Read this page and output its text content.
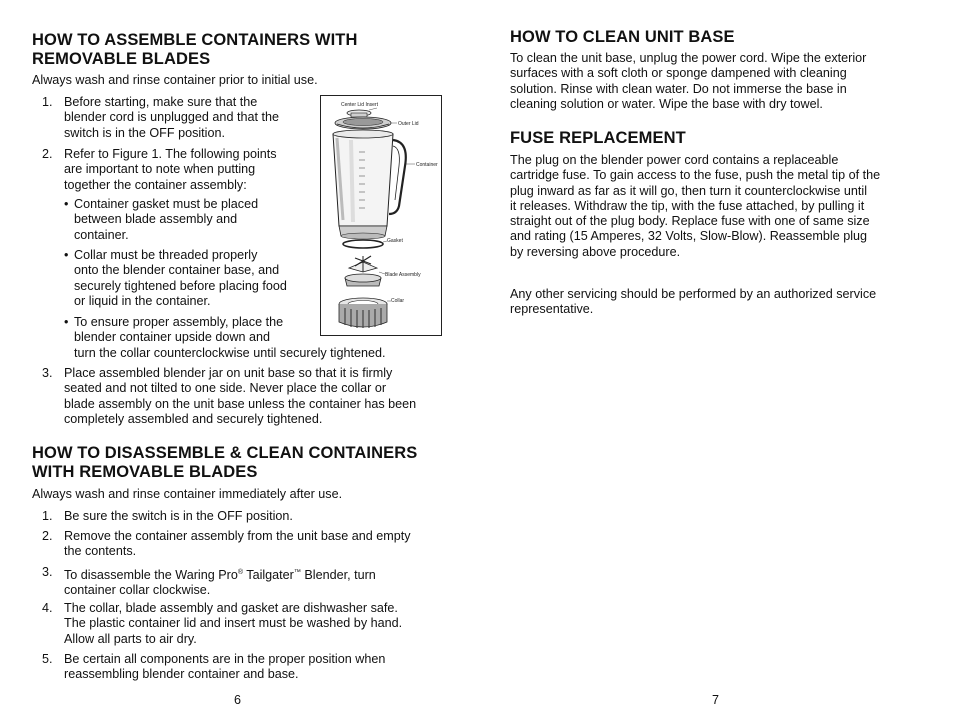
HOW TO ASSEMBLE CONTAINERS WITH
REMOVABLE BLADES

Always wash and rinse container prior to initial use.

1. Before starting, make sure that the
blender cord is unplugged and that the
switch is in the OFF position.
2. Refer to Figure 1. The following points
are important to note when putting
together the container assembly:
• Container gasket must be placed
between blade assembly and
container.
• Collar must be threaded properly
onto the blender container base, and
securely tightened before placing food
or liquid in the container.
• To ensure proper assembly, place the
blender container upside down and
turn the collar counterclockwise until securely tightened.
3. Place assembled blender jar on unit base so that it is firmly
seated and not tilted to one side. Never place the collar or
blade assembly on the unit base unless the container has been
completely assembled and securely tightened.
Center Lid Insert
Outer Lid
Container
Gasket
Blade Assembly
Collar
HOW TO DISASSEMBLE & CLEAN CONTAINERS
WITH REMOVABLE BLADES

Always wash and rinse container immediately after use.

1. Be sure the switch is in the OFF position.
2. Remove the container assembly from the unit base and empty
the contents.
3. To disassemble the Waring Pro® Tailgater™ Blender, turn
container collar clockwise.
4. The collar, blade assembly and gasket are dishwasher safe.
The plastic container lid and insert must be washed by hand.
Allow all parts to air dry.
5. Be certain all components are in the proper position when
reassembling blender container and base.
6
HOW TO CLEAN UNIT BASE

To clean the unit base, unplug the power cord. Wipe the exterior
surfaces with a soft cloth or sponge dampened with cleaning
solution. Rinse with clean water. Do not immerse the base in
cleaning solution or water. Wipe the base with dry towel.

FUSE REPLACEMENT

The plug on the blender power cord contains a replaceable
cartridge fuse. To gain access to the fuse, push the metal tip of the
plug inward as far as it will go, then turn it counterclockwise until
it releases. Withdraw the tip, with the fuse attached, by pulling it
straight out of the plug body. Replace fuse with one of same size
and rating (15 Amperes, 32 Volts, Slow-Blow). Reassemble plug
by reversing above procedure.

Any other servicing should be performed by an authorized service
representative.

7
